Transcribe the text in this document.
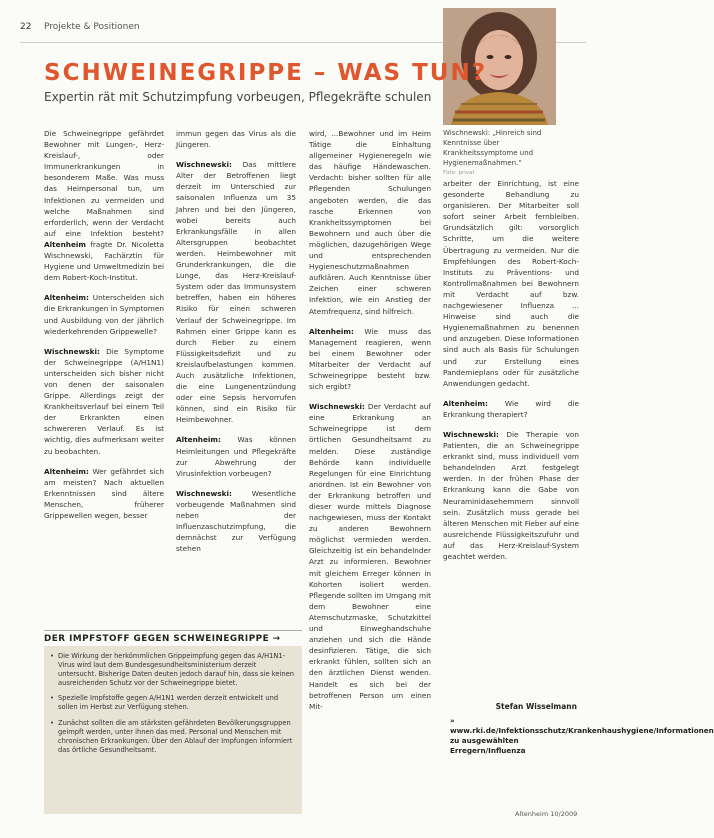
22 Projekte & Positionen
Wischnewski: „Hinreich sind Kenntnisse über Krankheitssymptome und Hygienemaßnahmen.“
Foto: privat
SCHWEINEGRIPPE – WAS TUN?
Expertin rät mit Schutzimpfung vorbeugen, Pflegekräfte schulen

Die Schweinegrippe gefährdet Bewohner mit Lungen-, Herz-Kreislauf-, oder Immunerkrankungen in besonderem Maße. Was muss das Heimpersonal tun, um Infektionen zu vermeiden und welche Maßnahmen sind erforderlich, wenn der Verdacht auf eine Infektion besteht? Altenheim fragte Dr. Nicoletta Wischnewski, Fachärztin für Hygiene und Umweltmedizin bei dem Robert-Koch-Institut.

Altenheim: Unterscheiden sich die Erkrankungen in Symptomen und Ausbildung von der jährlich wiederkehrenden Grippewelle?

Wischnewski: Die Symptome der Schweinegrippe (A/H1N1) unterscheiden sich bisher nicht von denen der saisonalen Grippe. Allerdings zeigt der Krankheitsverlauf bei einem Teil der Erkrankten einen schwereren Verlauf. Es ist wichtig, dies aufmerksam weiter zu beobachten.

Altenheim: Wer gefährdet sich am meisten? Nach aktuellen Erkenntnissen sind ältere Menschen, früherer Grippewellen wegen, besser

immun gegen das Virus als die Jüngeren.

Wischnewski: Das mittlere Alter der Betroffenen liegt derzeit im Unterschied zur saisonalen Influenza um 35 Jahren und bei den Jüngeren, wobei bereits auch Erkrankungsfälle in allen Altersgruppen beobachtet werden. Heimbewohner mit Grunderkrankungen, die die Lunge, das Herz-Kreislauf-System oder das Immunsystem betreffen, haben ein höheres Risiko für einen schweren Verlauf der Schweinegrippe. Im Rahmen einer Grippe kann es durch Fieber zu einem Flüssigkeitsdefizit und zu Kreislaufbelastungen kommen. Auch zusätzliche Infektionen, die eine Lungenentzündung oder eine Sepsis hervorrufen können, sind ein Risiko für Heimbewohner.

Altenheim: Was können Heimleitungen und Pflegekräfte zur Abwehrung der Virusinfektion vorbeugen?

Wischnewski: Wesentliche vorbeugende Maßnahmen sind neben der Influenzaschutzimpfung, die demnächst zur Verfügung stehen

wird, ...Bewohner und im Heim Tätige die Einhaltung allgemeiner Hygieneregeln wie das häufige Händewaschen. Verdacht: bisher sollten für alle Pflegenden Schulungen angeboten werden, die das rasche Erkennen von Krankheitssymptomen bei Bewohnern und auch über die möglichen, dazugehörigen Wege und entsprechenden Hygieneschutzmaßnahmen aufklären. Auch Kenntnisse über Zeichen einer schweren Infektion, wie ein Anstieg der Atemfrequenz, sind hilfreich.

Altenheim: Wie muss das Management reagieren, wenn bei einem Bewohner oder Mitarbeiter der Verdacht auf Schweinegrippe besteht bzw. sich ergibt?

Wischnewski: Der Verdacht auf eine Erkrankung an Schweinegrippe ist dem örtlichen Gesundheitsamt zu melden. Diese zuständige Behörde kann individuelle Regelungen für eine Einrichtung anordnen. Ist ein Bewohner von der Erkrankung betroffen und dieser wurde mittels Diagnose nachgewiesen, muss der Kontakt zu anderen Bewohnern möglichst vermieden werden. Gleichzeitig ist ein behandelnder Arzt zu informieren. Bewohner mit gleichem Erreger können in Kohorten isoliert werden. Pflegende sollten im Umgang mit dem Bewohner eine Atemschutzmaske, Schutzkittel und Einweghandschuhe anziehen und sich die Hände desinfizieren. Tätige, die sich erkrankt fühlen, sollten sich an den ärztlichen Dienst wenden. Handelt es sich bei der betroffenen Person um einen Mit-

arbeiter der Einrichtung, ist eine gesonderte Behandlung zu organisieren. Der Mitarbeiter soll sofort seiner Arbeit fernbleiben. Grundsätzlich gilt: vorsorglich Schritte, um die weitere Übertragung zu vermeiden. Nur die Empfehlungen des Robert-Koch-Instituts zu Präventions- und Kontrollmaßnahmen bei Bewohnern mit Verdacht auf bzw. nachgewiesener Influenza ... Hinweise sind auch die Hygienemaßnahmen zu benennen und anzugeben. Diese Informationen sind auch als Basis für Schulungen und zur Erstellung eines Pandemieplans oder für zusätzliche Anwendungen gedacht.

Altenheim: Wie wird die Erkrankung therapiert?

Wischnewski: Die Therapie von Patienten, die an Schweinegrippe erkrankt sind, muss individuell vom behandelnden Arzt festgelegt werden. In der frühen Phase der Erkrankung kann die Gabe von Neuraminidasehemmern sinnvoll sein. Zusätzlich muss gerade bei älteren Menschen mit Fieber auf eine ausreichende Flüssigkeitszufuhr und auf das Herz-Kreislauf-System geachtet werden.

Stefan Wisselmann
» www.rki.de/Infektionsschutz/Krankenhaushygiene/Informationen zu ausgewählten Erregern/Influenza
DER IMPFSTOFF GEGEN SCHWEINEGRIPPE →
• Die Wirkung der herkömmlichen Grippeimpfung gegen das A/H1N1-Virus wird laut dem Bundesgesundheitsministerium derzeit untersucht. Bisherige Daten deuten jedoch darauf hin, dass sie keinen ausreichenden Schutz vor der Schweinegrippe bietet.
• Spezielle Impfstoffe gegen A/H1N1 werden derzeit entwickelt und sollen im Herbst zur Verfügung stehen.
• Zunächst sollten die am stärksten gefährdeten Bevölkerungsgruppen geimpft werden, unter ihnen das med. Personal und Menschen mit chronischen Erkrankungen. Über den Ablauf der Impfungen informiert das örtliche Gesundheitsamt.
Altenheim 10/2009
